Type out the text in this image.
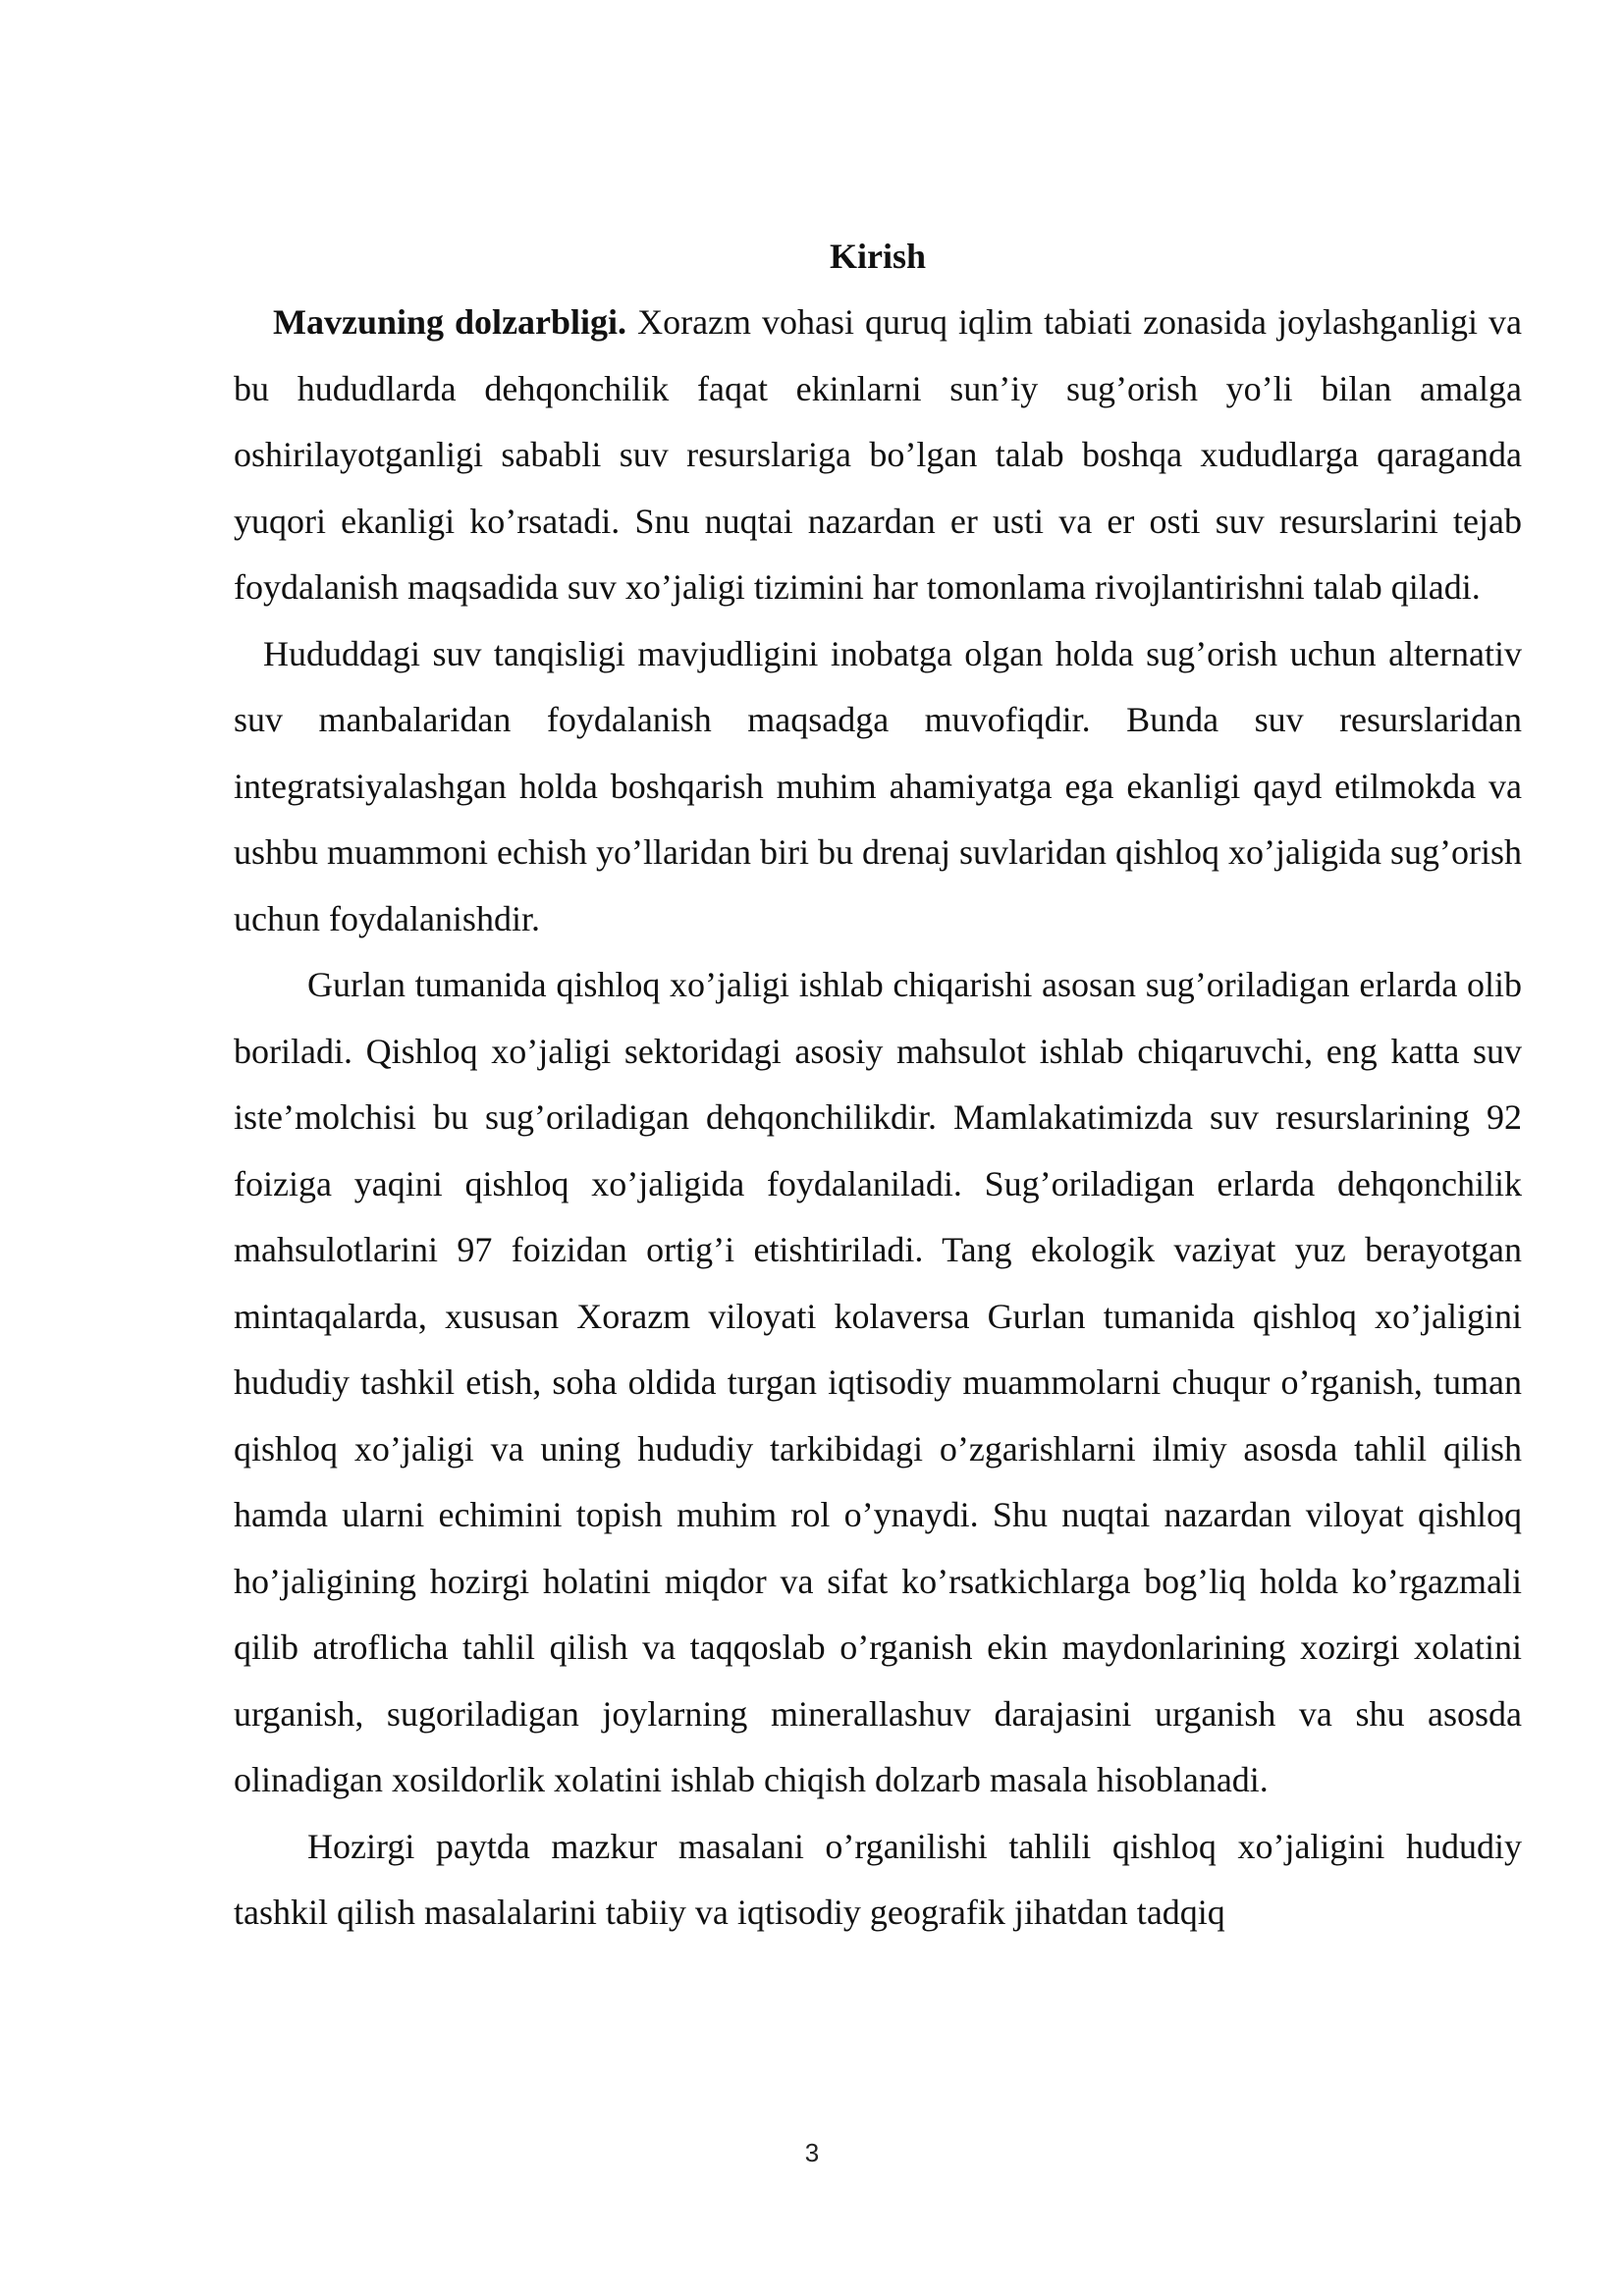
Kirish

Mavzuning dolzarbligi. Xorazm vohasi quruq iqlim tabiati zonasida joylashganligi va bu hududlarda dehqonchilik faqat ekinlarni sun’iy sug’orish yo’li bilan amalga oshirilayotganligi sababli suv resurslariga bo’lgan talab boshqa xududlarga qaraganda yuqori ekanligi ko’rsatadi. Snu nuqtai nazardan er usti va er osti suv resurslarini tejab foydalanish maqsadida suv xo’jaligi tizimini har tomonlama rivojlantirishni talab qiladi.

Hududdagi suv tanqisligi mavjudligini inobatga olgan holda sug’orish uchun alternativ suv manbalaridan foydalanish maqsadga muvofiqdir. Bunda suv resurslaridan integratsiyalashgan holda boshqarish muhim ahamiyatga ega ekanligi qayd etilmokda va ushbu muammoni echish yo’llaridan biri bu drenaj suvlaridan qishloq xo’jaligida sug’orish uchun foydalanishdir.

Gurlan tumanida qishloq xo’jaligi ishlab chiqarishi asosan sug’oriladigan erlarda olib boriladi. Qishloq xo’jaligi sektoridagi asosiy mahsulot ishlab chiqaruvchi, eng katta suv iste’molchisi bu sug’oriladigan dehqonchilikdir. Mamlakatimizda suv resurslarining 92 foiziga yaqini qishloq xo’jaligida foydalaniladi. Sug’oriladigan erlarda dehqonchilik mahsulotlarini 97 foizidan ortig’i etishtiriladi. Tang ekologik vaziyat yuz berayotgan mintaqalarda, xususan Xorazm viloyati kolaversa Gurlan tumanida qishloq xo’jaligini hududiy tashkil etish, soha oldida turgan iqtisodiy muammolarni chuqur o’rganish, tuman qishloq xo’jaligi va uning hududiy tarkibidagi o’zgarishlarni ilmiy asosda tahlil qilish hamda ularni echimini topish muhim rol o’ynaydi. Shu nuqtai nazardan viloyat qishloq ho’jaligining hozirgi holatini miqdor va sifat ko’rsatkichlarga bog’liq holda ko’rgazmali qilib atroflicha tahlil qilish va taqqoslab o’rganish ekin maydonlarining xozirgi xolatini urganish, sugoriladigan joylarning minerallashuv darajasini urganish va shu asosda olinadigan xosildorlik xolatini ishlab chiqish dolzarb masala hisoblanadi.

Hozirgi paytda mazkur masalani o’rganilishi tahlili qishloq xo’jaligini hududiy tashkil qilish masalalarini tabiiy va iqtisodiy geografik jihatdan tadqiq

3
